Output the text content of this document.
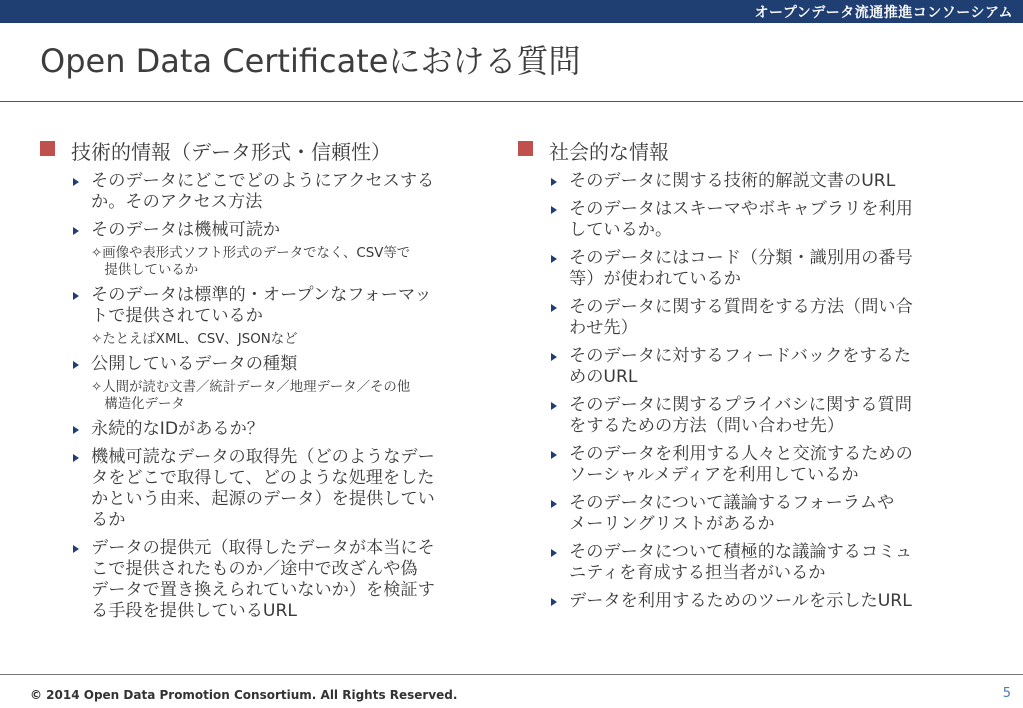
オープンデータ流通推進コンソーシアム
Open Data Certificateにおける質問
技術的情報（データ形式・信頼性）
そのデータにどこでどのようにアクセスする
か。そのアクセス方法
そのデータは機械可読か
✧画像や表形式ソフト形式のデータでなく、CSV等で
　提供しているか
そのデータは標準的・オープンなフォーマッ
トで提供されているか
✧たとえばXML、CSV、JSONなど
公開しているデータの種類
✧人間が読む文書／統計データ／地理データ／その他
　構造化データ
永続的なIDがあるか？
機械可読なデータの取得先（どのようなデー
タをどこで取得して、どのような処理をした
かという由来、起源のデータ）を提供してい
るか
データの提供元（取得したデータが本当にそ
こで提供されたものか／途中で改ざんや偽
データで置き換えられていないか）を検証す
る手段を提供しているURL
社会的な情報
そのデータに関する技術的解説文書のURL
そのデータはスキーマやボキャブラリを利用
しているか。
そのデータにはコード（分類・識別用の番号
等）が使われているか
そのデータに関する質問をする方法（問い合
わせ先）
そのデータに対するフィードバックをするた
めのURL
そのデータに関するプライバシに関する質問
をするための方法（問い合わせ先）
そのデータを利用する人々と交流するための
ソーシャルメディアを利用しているか
そのデータについて議論するフォーラムや
メーリングリストがあるか
そのデータについて積極的な議論するコミュ
ニティを育成する担当者がいるか
データを利用するためのツールを示したURL
© 2014 Open Data Promotion Consortium. All Rights Reserved.	5
